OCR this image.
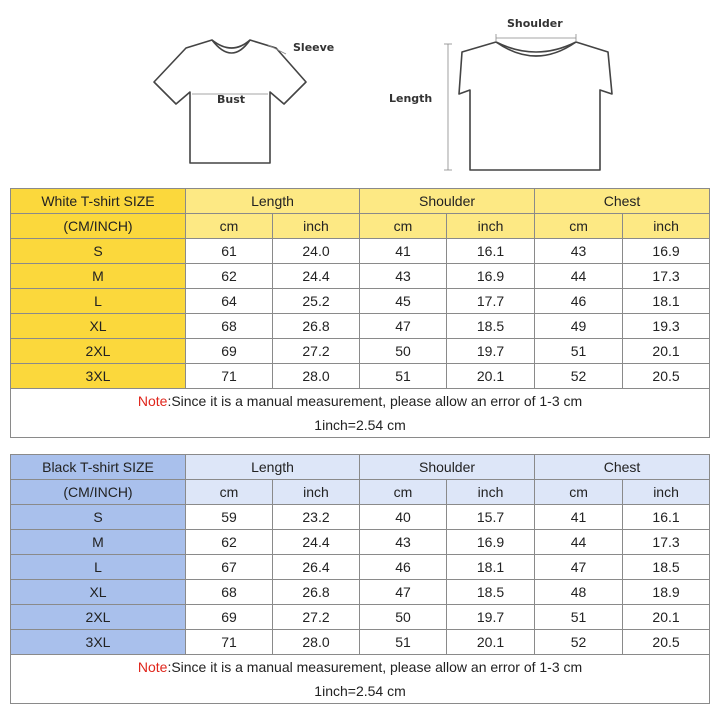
Sleeve
Bust
Shoulder
Length
White T-shirt SIZE	Length		Shoulder		Chest	
(CM/INCH)	cm	inch	cm	inch	cm	inch
S	61	24.0	41	16.1	43	16.9
M	62	24.4	43	16.9	44	17.3
L	64	25.2	45	17.7	46	18.1
XL	68	26.8	47	18.5	49	19.3
2XL	69	27.2	50	19.7	51	20.1
3XL	71	28.0	51	20.1	52	20.5
Note:Since it is a manual measurement, please allow an error of 1-3 cm						
1inch=2.54 cm						
Black T-shirt SIZE	Length		Shoulder		Chest	
(CM/INCH)	cm	inch	cm	inch	cm	inch
S	59	23.2	40	15.7	41	16.1
M	62	24.4	43	16.9	44	17.3
L	67	26.4	46	18.1	47	18.5
XL	68	26.8	47	18.5	48	18.9
2XL	69	27.2	50	19.7	51	20.1
3XL	71	28.0	51	20.1	52	20.5
Note:Since it is a manual measurement, please allow an error of 1-3 cm						
1inch=2.54 cm						
